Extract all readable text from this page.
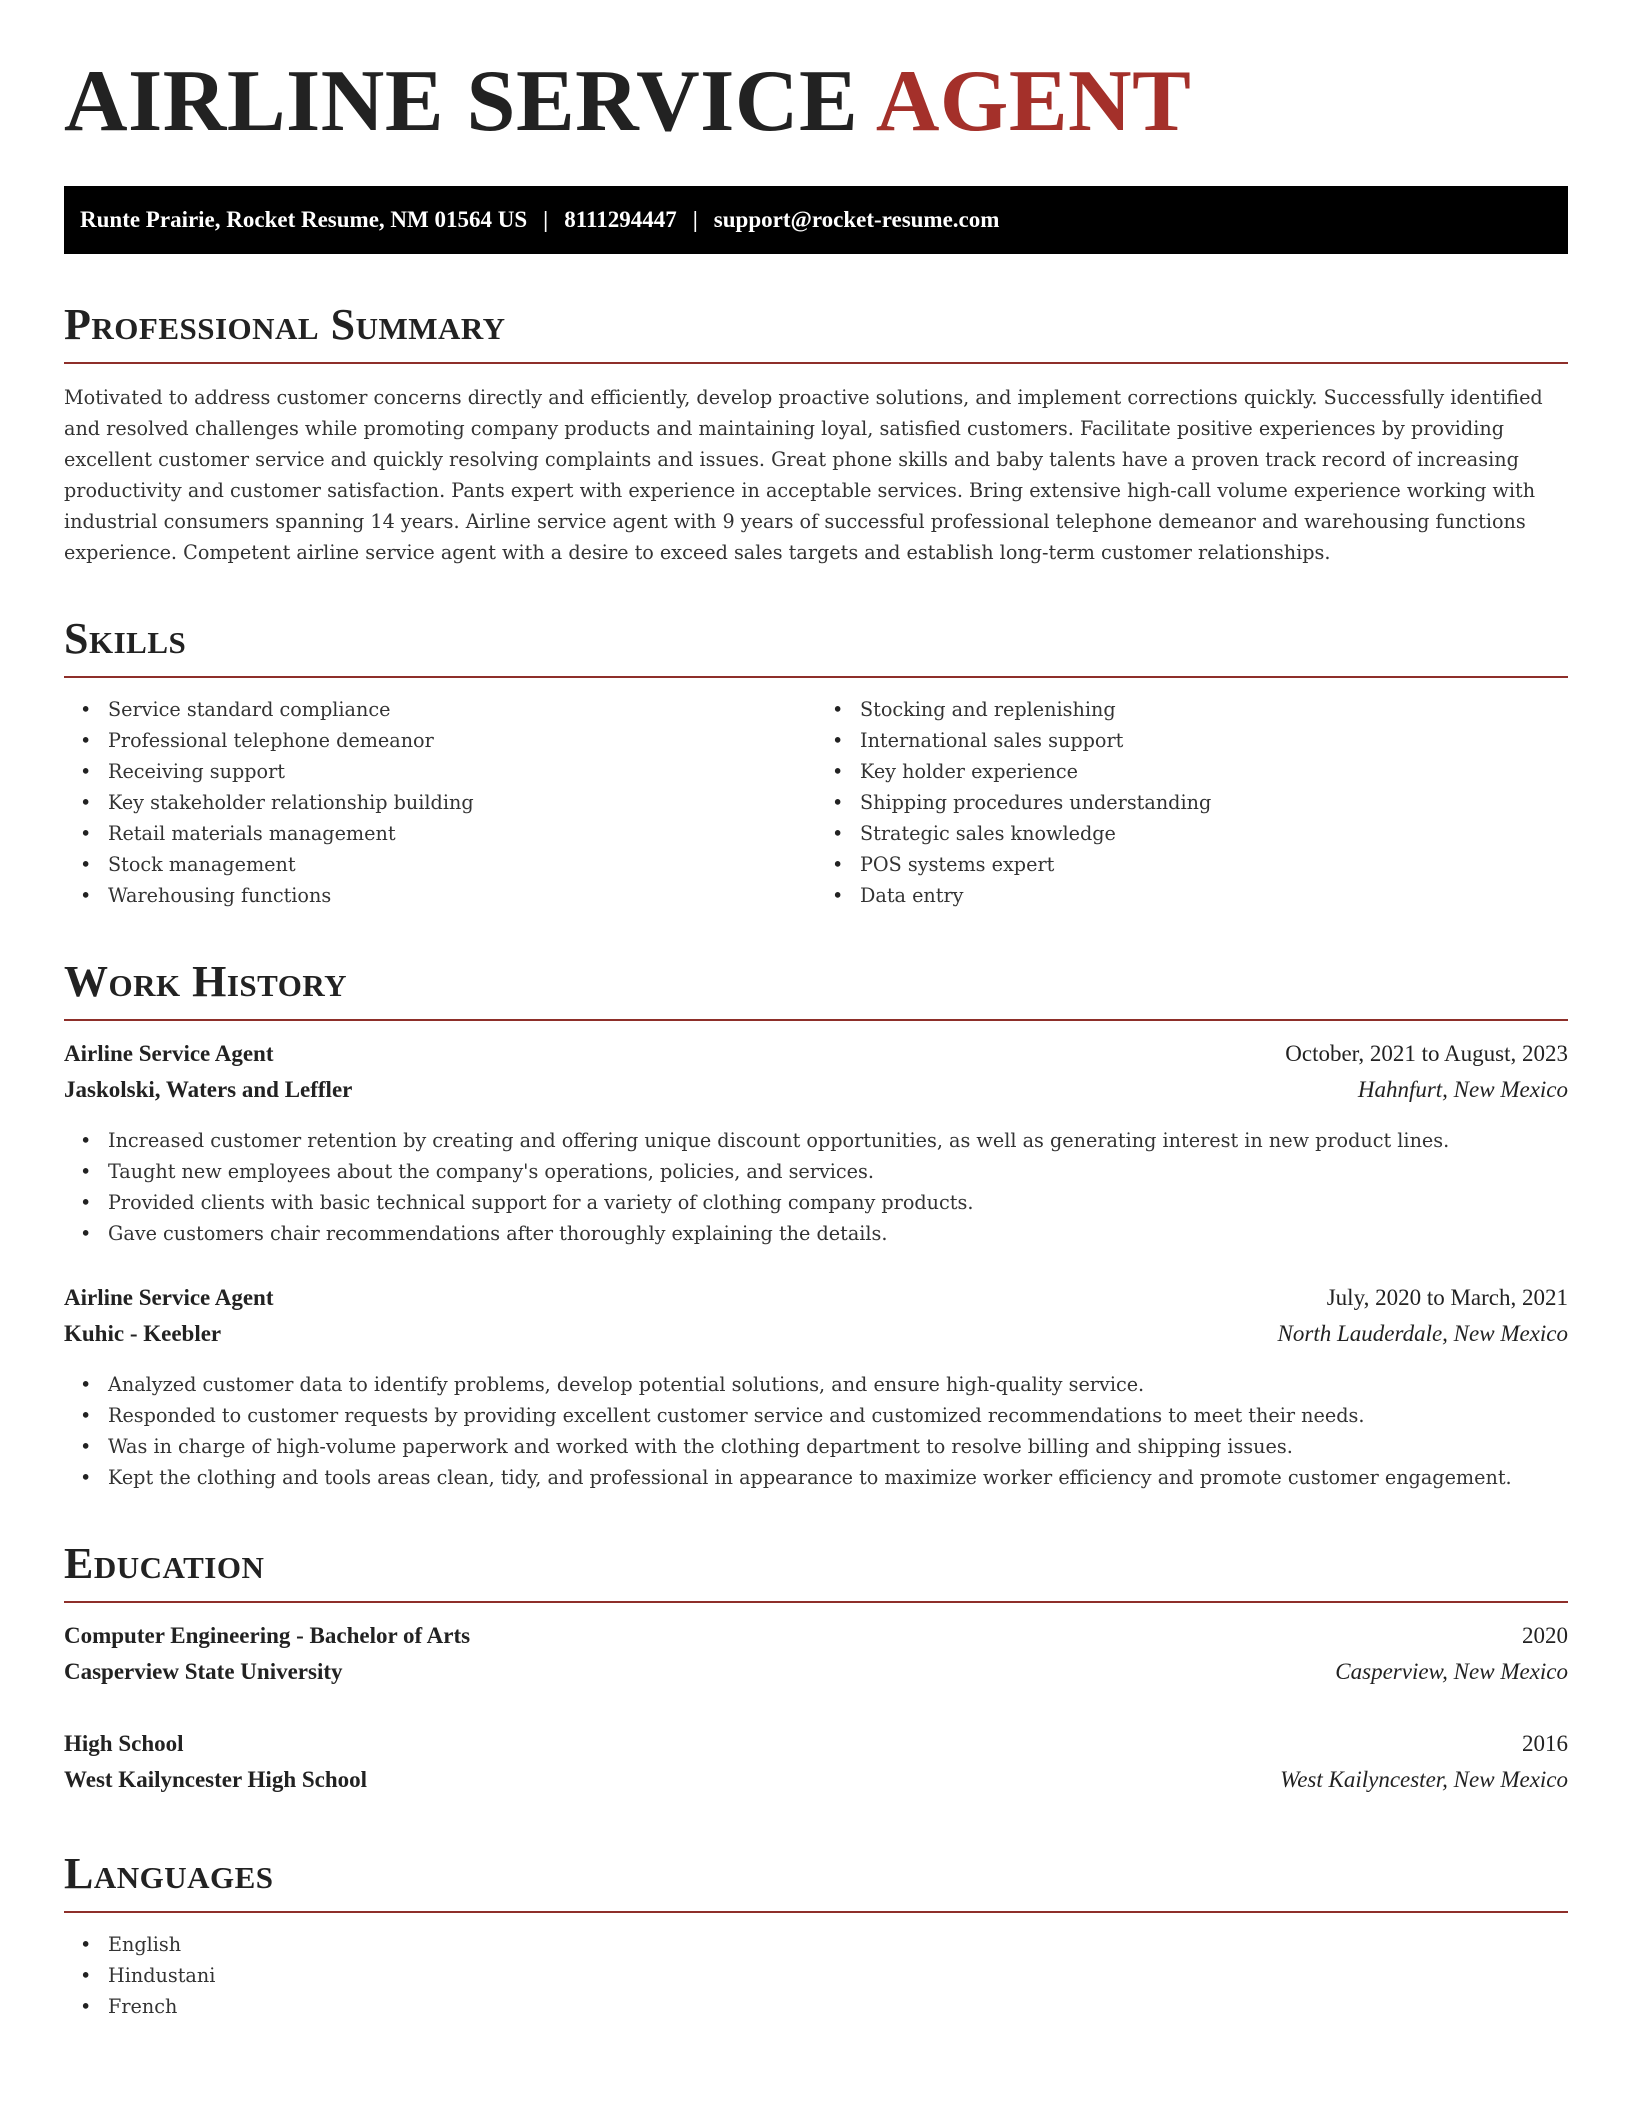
AIRLINE SERVICE AGENT
Runte Prairie, Rocket Resume, NM 01564 US | 8111294447 | support@rocket-resume.com
Professional Summary

Motivated to address customer concerns directly and efficiently, develop proactive solutions, and implement corrections quickly. Successfully identified and resolved challenges while promoting company products and maintaining loyal, satisfied customers. Facilitate positive experiences by providing excellent customer service and quickly resolving complaints and issues. Great phone skills and baby talents have a proven track record of increasing productivity and customer satisfaction. Pants expert with experience in acceptable services. Bring extensive high-call volume experience working with industrial consumers spanning 14 years. Airline service agent with 9 years of successful professional telephone demeanor and warehousing functions experience. Competent airline service agent with a desire to exceed sales targets and establish long-term customer relationships.

Skills
• Service standard compliance
• Professional telephone demeanor
• Receiving support
• Key stakeholder relationship building
• Retail materials management
• Stock management
• Warehousing functions
• Stocking and replenishing
• International sales support
• Key holder experience
• Shipping procedures understanding
• Strategic sales knowledge
• POS systems expert
• Data entry
Work History
Airline Service Agent	October, 2021 to August, 2023
Jaskolski, Waters and Leffler	Hahnfurt, New Mexico
• Increased customer retention by creating and offering unique discount opportunities, as well as generating interest in new product lines.
• Taught new employees about the company's operations, policies, and services.
• Provided clients with basic technical support for a variety of clothing company products.
• Gave customers chair recommendations after thoroughly explaining the details.
Airline Service Agent	July, 2020 to March, 2021
Kuhic - Keebler	North Lauderdale, New Mexico
• Analyzed customer data to identify problems, develop potential solutions, and ensure high-quality service.
• Responded to customer requests by providing excellent customer service and customized recommendations to meet their needs.
• Was in charge of high-volume paperwork and worked with the clothing department to resolve billing and shipping issues.
• Kept the clothing and tools areas clean, tidy, and professional in appearance to maximize worker efficiency and promote customer engagement.
Education
Computer Engineering - Bachelor of Arts	2020
Casperview State University	Casperview, New Mexico
High School	2016
West Kailyncester High School	West Kailyncester, New Mexico
Languages
• English
• Hindustani
• French
